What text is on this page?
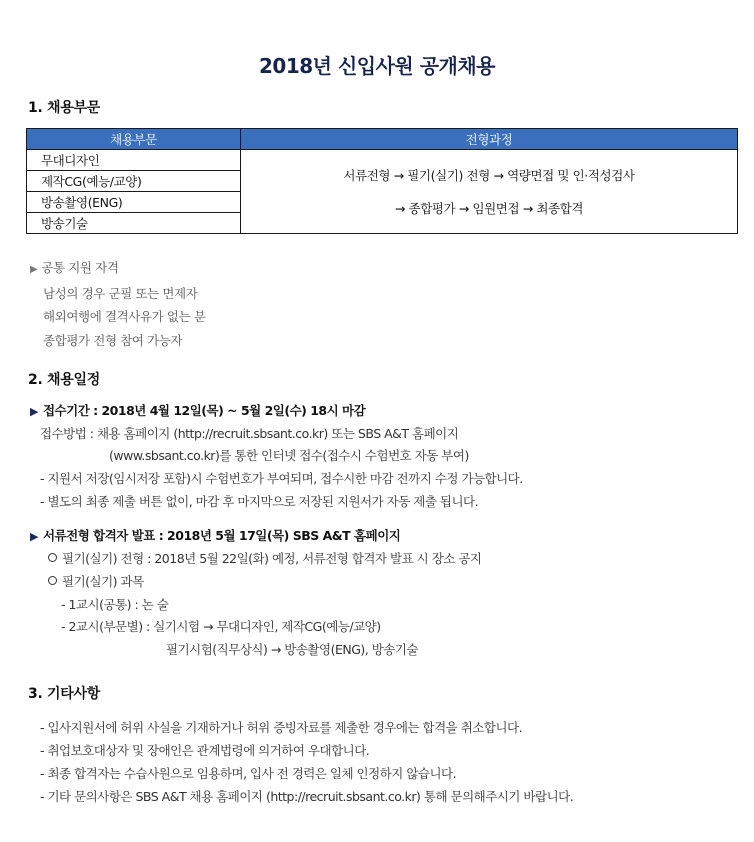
2018년 신입사원 공개채용
1. 채용부문
채용부문	전형과정
무대디자인	서류전형 → 필기(실기) 전형 → 역량면접 및 인·적성검사
→ 종합평가 → 임원면접 → 최종합격

제작CG(예능/교양)	
방송촬영(ENG)	
방송기술	
▶ 공통 지원 자격
남성의 경우 군필 또는 면제자
해외여행에 결격사유가 없는 분
종합평가 전형 참여 가능자
2. 채용일정
▶ 접수기간 : 2018년 4월 12일(목) ~ 5월 2일(수) 18시 마감
접수방법 : 채용 홈페이지 (http://recruit.sbsant.co.kr) 또는 SBS A&T 홈페이지
(www.sbsant.co.kr)를 통한 인터넷 접수(접수시 수험번호 자동 부여)
- 지원서 저장(임시저장 포함)시 수험번호가 부여되며, 접수시한 마감 전까지 수정 가능합니다.
- 별도의 최종 제출 버튼 없이, 마감 후 마지막으로 저장된 지원서가 자동 제출 됩니다.
▶ 서류전형 합격자 발표 : 2018년 5월 17일(목) SBS A&T 홈페이지
필기(실기) 전형 : 2018년 5월 22일(화) 예정, 서류전형 합격자 발표 시 장소 공지
필기(실기) 과목
- 1교시(공통) : 논 술
- 2교시(부문별) : 실기시험 → 무대디자인, 제작CG(예능/교양)
필기시험(직무상식) → 방송촬영(ENG), 방송기술
3. 기타사항
- 입사지원서에 허위 사실을 기재하거나 허위 증빙자료를 제출한 경우에는 합격을 취소합니다.
- 취업보호대상자 및 장애인은 관계법령에 의거하여 우대합니다.
- 최종 합격자는 수습사원으로 임용하며, 입사 전 경력은 일체 인정하지 않습니다.
- 기타 문의사항은 SBS A&T 채용 홈페이지 (http://recruit.sbsant.co.kr) 통해 문의해주시기 바랍니다.
